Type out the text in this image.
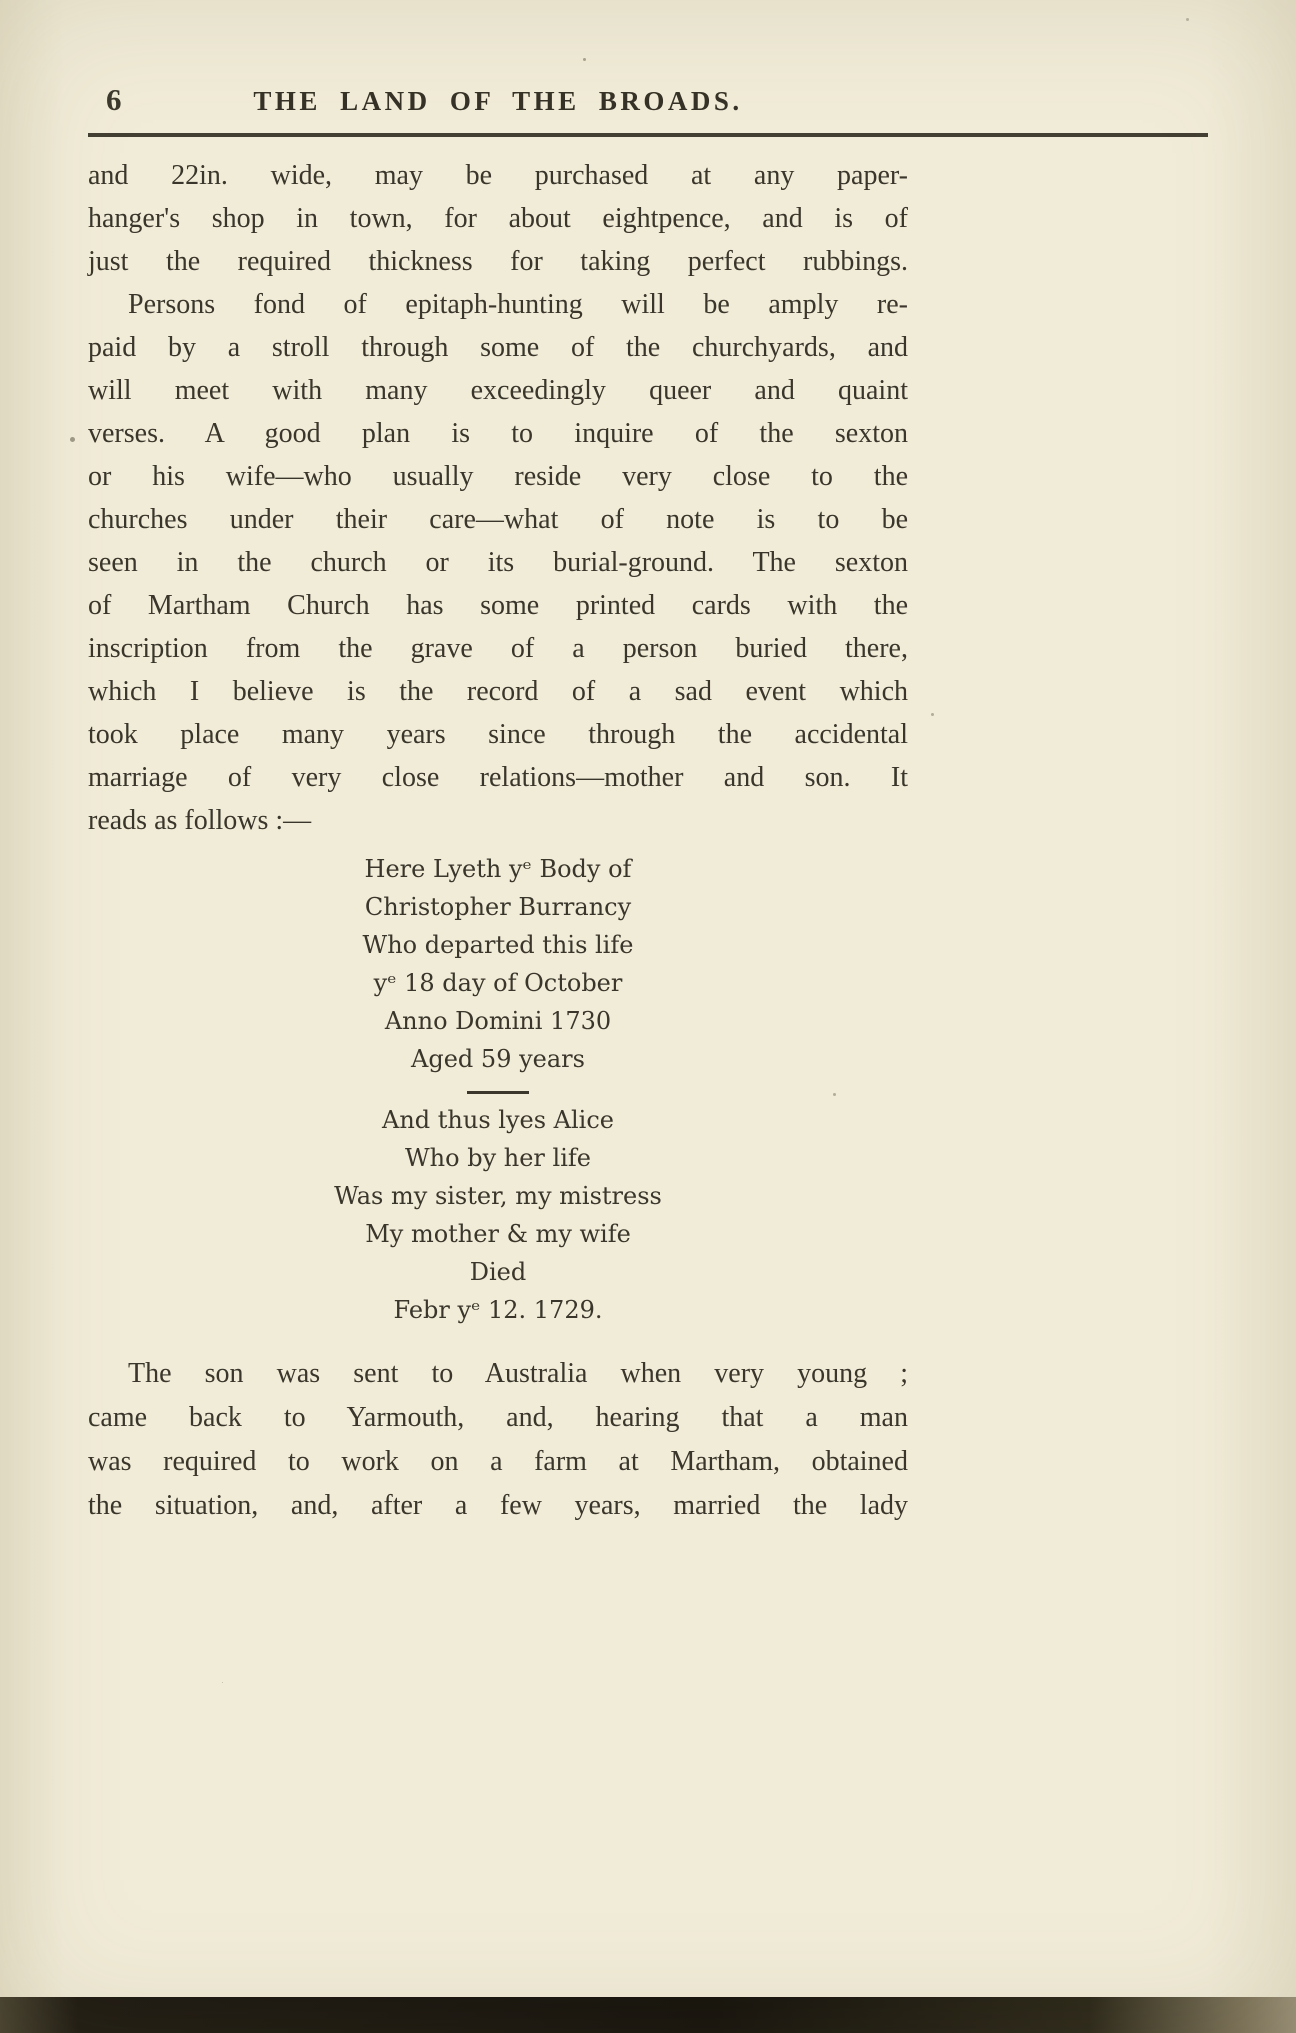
6	THE LAND OF THE BROADS.
and 22in. wide, may be purchased at any paper-
hanger's shop in town, for about eightpence, and is of
just the required thickness for taking perfect rubbings.
Persons fond of epitaph-hunting will be amply re-
paid by a stroll through some of the churchyards, and
will meet with many exceedingly queer and quaint
verses. A good plan is to inquire of the sexton
or his wife—who usually reside very close to the
churches under their care—what of note is to be
seen in the church or its burial-ground. The sexton
of Martham Church has some printed cards with the
inscription from the grave of a person buried there,
which I believe is the record of a sad event which
took place many years since through the accidental
marriage of very close relations—mother and son. It
reads as follows :—
Here Lyeth yᵉ Body of
Christopher Burrancy
Who departed this life
yᵉ 18 day of October
Anno Domini 1730
Aged 59 years
And thus lyes Alice
Who by her life
Was my sister, my mistress
My mother & my wife
Died
Febr yᵉ 12. 1729.
The son was sent to Australia when very young ;
came back to Yarmouth, and, hearing that a man
was required to work on a farm at Martham, obtained
the situation, and, after a few years, married the lady
